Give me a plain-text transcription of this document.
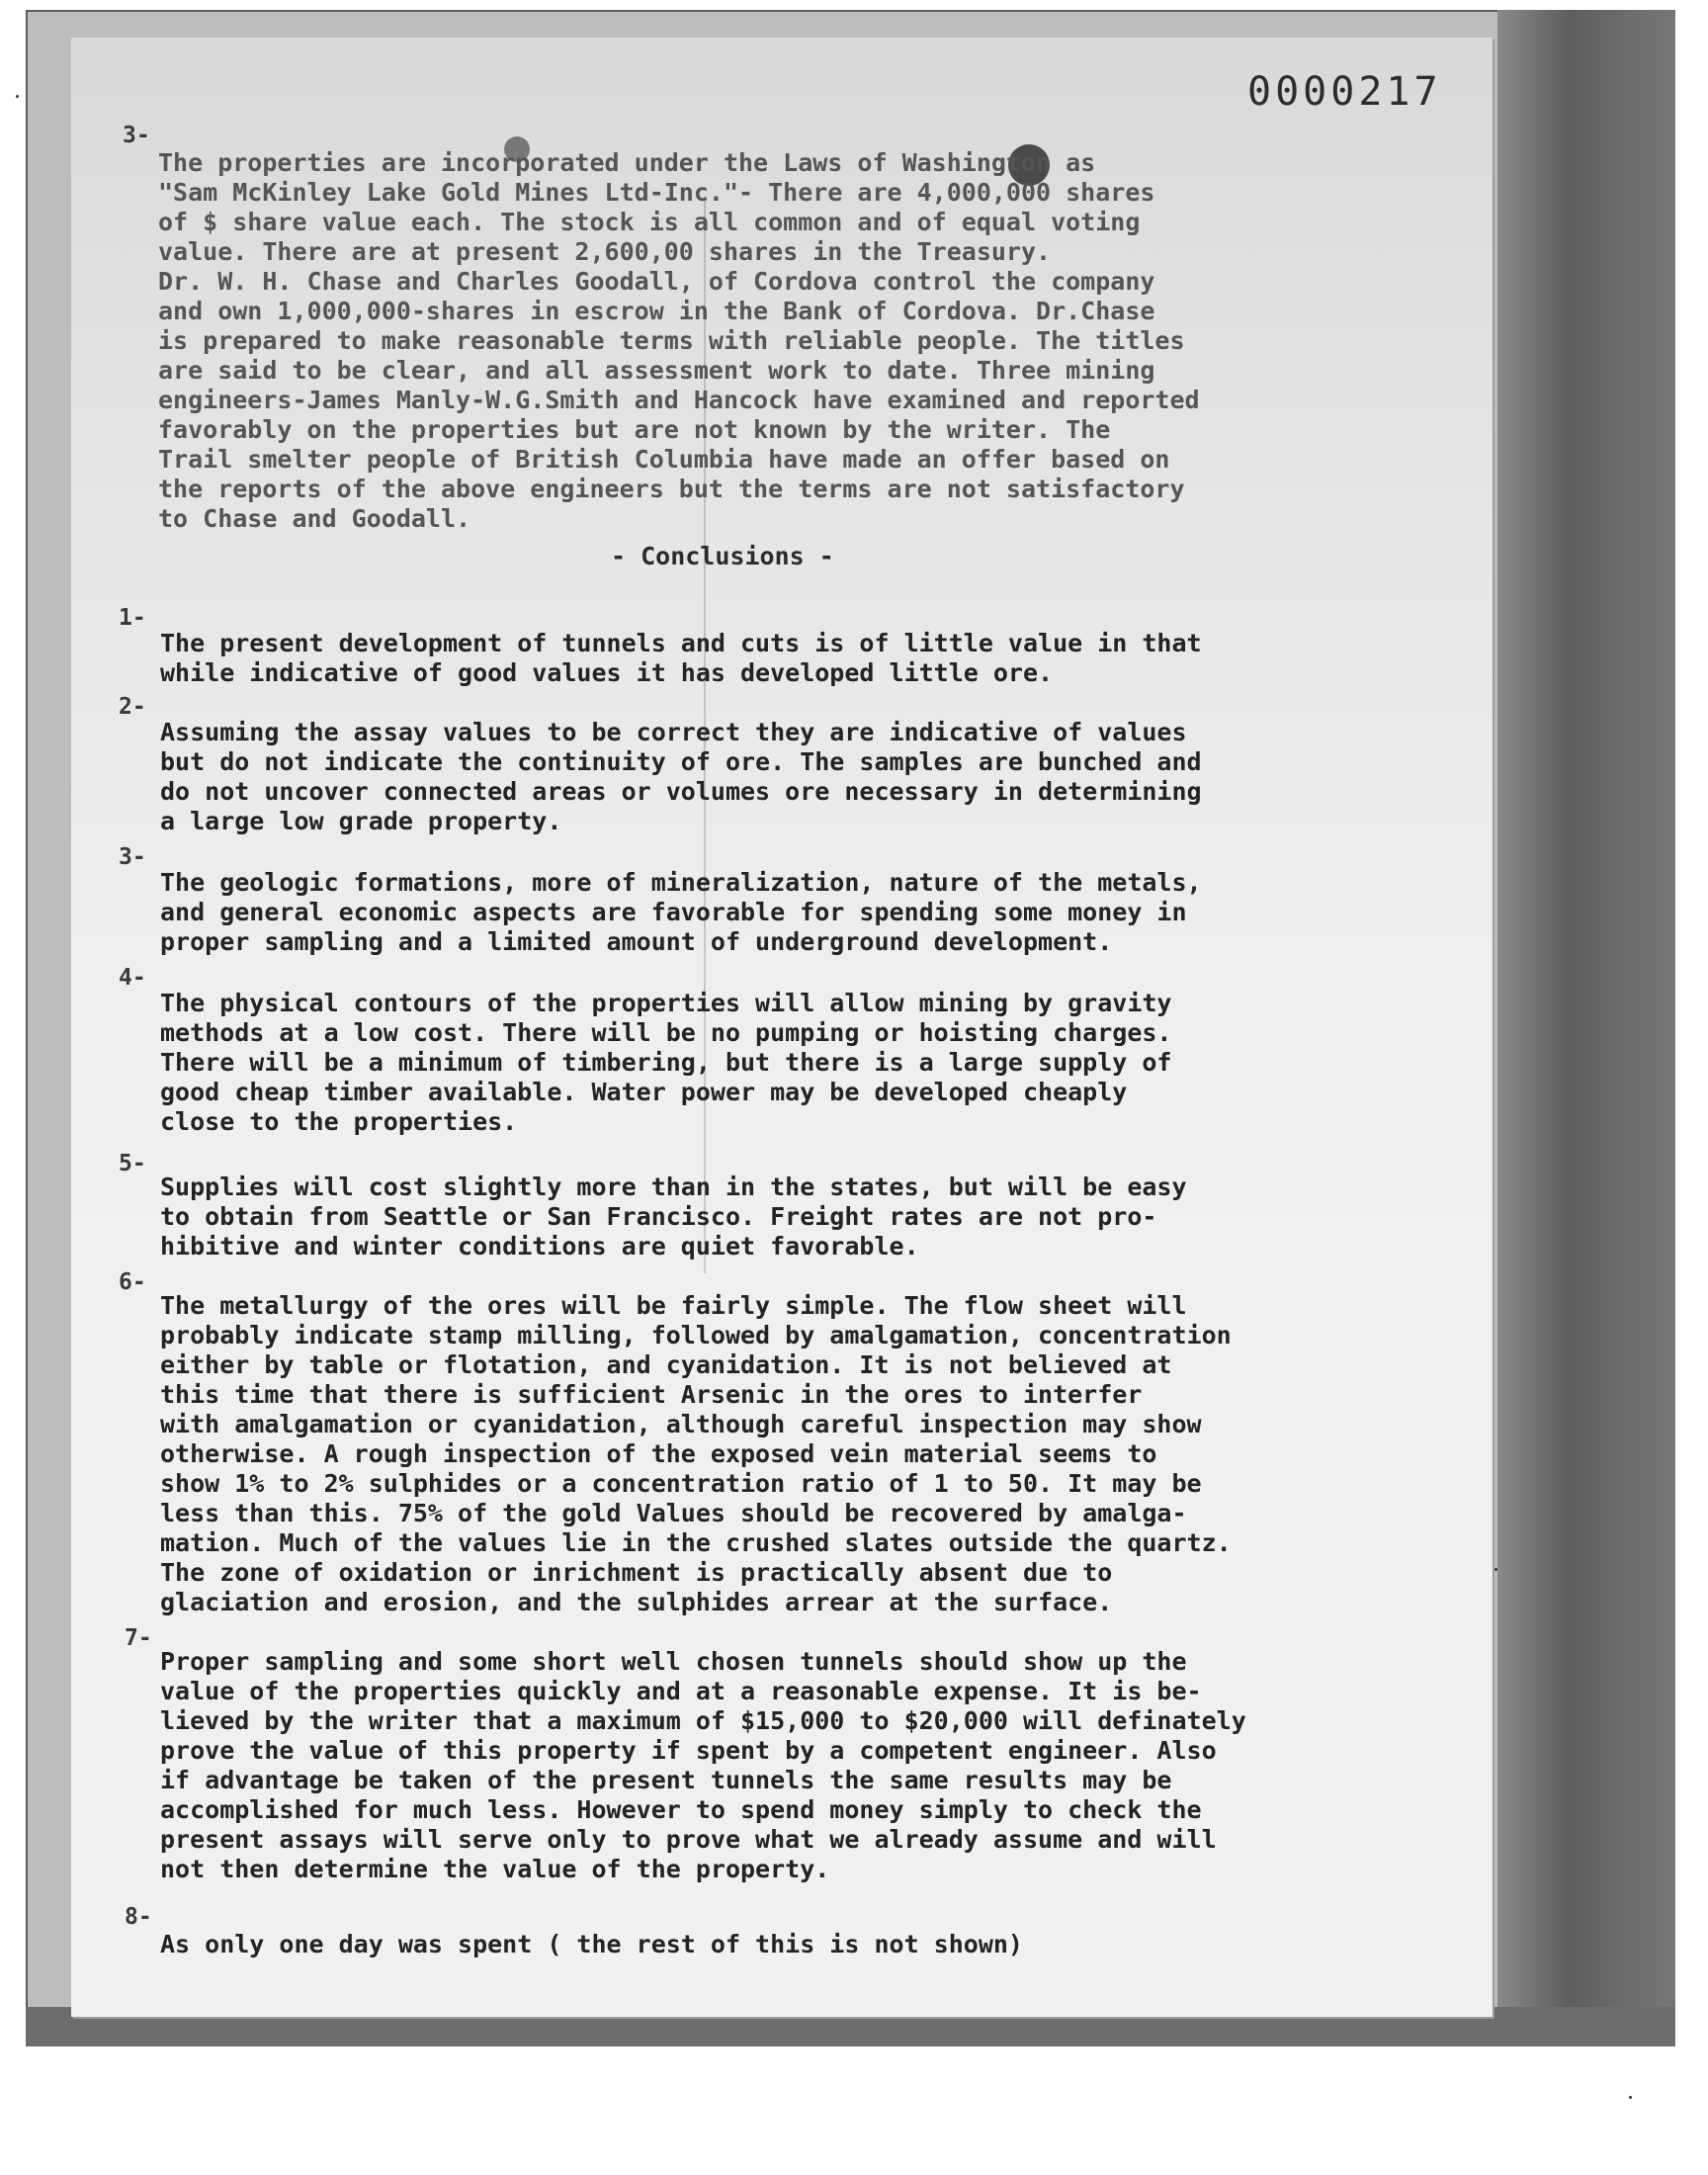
0000217
3-
The properties are incorporated under the Laws of Washington as
"Sam McKinley Lake Gold Mines Ltd-Inc."- There are 4,000,000 shares
of $ share value each. The stock is all common and of equal voting
value. There are at present 2,600,00 shares in the Treasury.
Dr. W. H. Chase and Charles Goodall, of Cordova control the company
and own 1,000,000-shares in escrow in the Bank of Cordova. Dr.Chase
is prepared to make reasonable terms with reliable people. The titles
are said to be clear, and all assessment work to date. Three mining
engineers-James Manly-W.G.Smith and Hancock have examined and reported
favorably on the properties but are not known by the writer. The
Trail smelter people of British Columbia have made an offer based on
the reports of the above engineers but the terms are not satisfactory
to Chase and Goodall.
- Conclusions -
1-
The present development of tunnels and cuts is of little value in that
while indicative of good values it has developed little ore.
2-
Assuming the assay values to be correct they are indicative of values
but do not indicate the continuity of ore. The samples are bunched and
do not uncover connected areas or volumes ore necessary in determining
a large low grade property.
3-
The geologic formations, more of mineralization, nature of the metals,
and general economic aspects are favorable for spending some money in
proper sampling and a limited amount of underground development.
4-
The physical contours of the properties will allow mining by gravity
methods at a low cost. There will be no pumping or hoisting charges.
There will be a minimum of timbering, but there is a large supply of
good cheap timber available. Water power may be developed cheaply
close to the properties.
5-
Supplies will cost slightly more than in the states, but will be easy
to obtain from Seattle or San Francisco. Freight rates are not pro-
hibitive and winter conditions are quiet favorable.
6-
The metallurgy of the ores will be fairly simple. The flow sheet will
probably indicate stamp milling, followed by amalgamation, concentration
either by table or flotation, and cyanidation. It is not believed at
this time that there is sufficient Arsenic in the ores to interfer
with amalgamation or cyanidation, although careful inspection may show
otherwise. A rough inspection of the exposed vein material seems to
show 1% to 2% sulphides or a concentration ratio of 1 to 50. It may be
less than this. 75% of the gold Values should be recovered by amalga-
mation. Much of the values lie in the crushed slates outside the quartz.
The zone of oxidation or inrichment is practically absent due to
glaciation and erosion, and the sulphides arrear at the surface.
7-
Proper sampling and some short well chosen tunnels should show up the
value of the properties quickly and at a reasonable expense. It is be-
lieved by the writer that a maximum of $15,000 to $20,000 will definately
prove the value of this property if spent by a competent engineer. Also
if advantage be taken of the present tunnels the same results may be
accomplished for much less. However to spend money simply to check the
present assays will serve only to prove what we already assume and will
not then determine the value of the property.
8-
As only one day was spent ( the rest of this is not shown)
